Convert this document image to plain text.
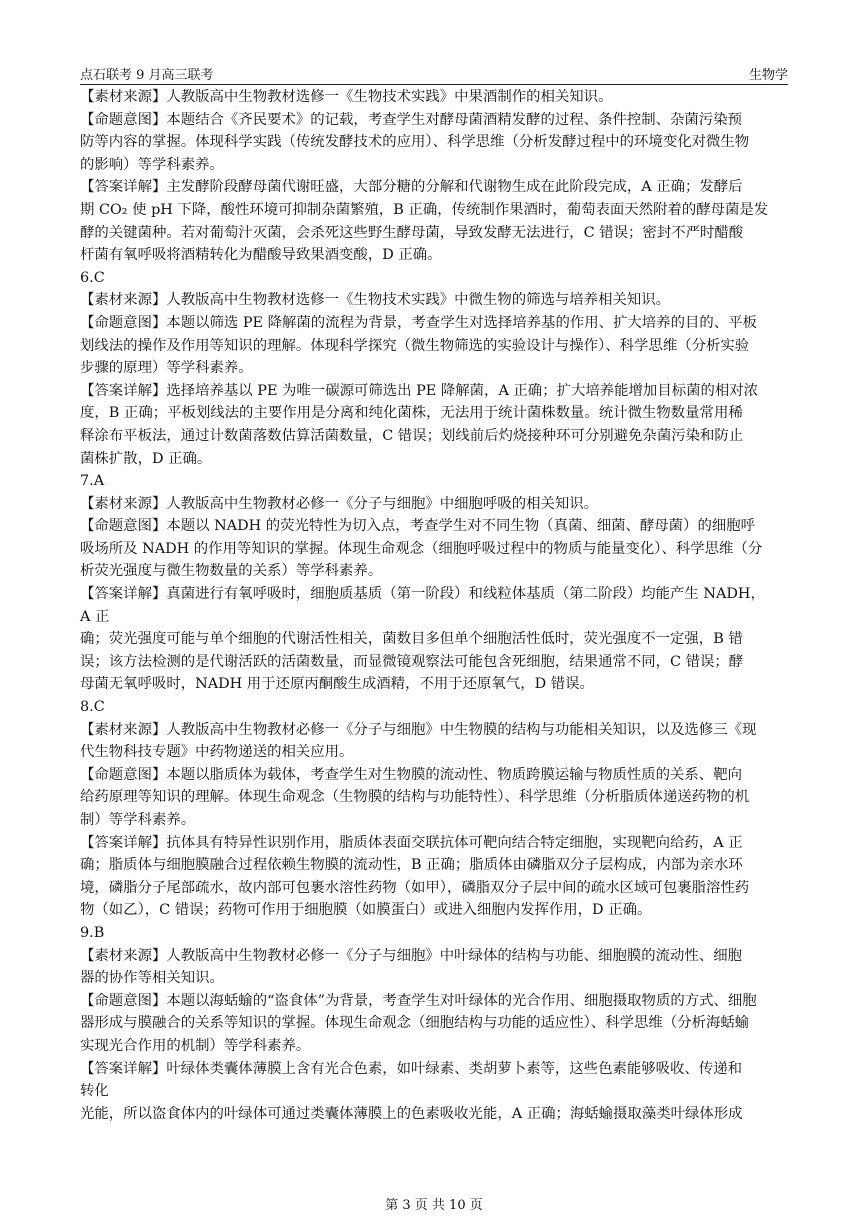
点石联考 9 月高三联考	生物学
【素材来源】人教版高中生物教材选修一《生物技术实践》中果酒制作的相关知识。
【命题意图】本题结合《齐民要术》的记载，考查学生对酵母菌酒精发酵的过程、条件控制、杂菌污染预
防等内容的掌握。体现科学实践（传统发酵技术的应用）、科学思维（分析发酵过程中的环境变化对微生物
的影响）等学科素养。
【答案详解】主发酵阶段酵母菌代谢旺盛，大部分糖的分解和代谢物生成在此阶段完成，A 正确；发酵后
期 CO₂ 使 pH 下降，酸性环境可抑制杂菌繁殖，B 正确，传统制作果酒时，葡萄表面天然附着的酵母菌是发
酵的关键菌种。若对葡萄汁灭菌，会杀死这些野生酵母菌，导致发酵无法进行，C 错误；密封不严时醋酸
杆菌有氧呼吸将酒精转化为醋酸导致果酒变酸，D 正确。
6.C
【素材来源】人教版高中生物教材选修一《生物技术实践》中微生物的筛选与培养相关知识。
【命题意图】本题以筛选 PE 降解菌的流程为背景，考查学生对选择培养基的作用、扩大培养的目的、平板
划线法的操作及作用等知识的理解。体现科学探究（微生物筛选的实验设计与操作）、科学思维（分析实验
步骤的原理）等学科素养。
【答案详解】选择培养基以 PE 为唯一碳源可筛选出 PE 降解菌，A 正确；扩大培养能增加目标菌的相对浓
度，B 正确；平板划线法的主要作用是分离和纯化菌株，无法用于统计菌株数量。统计微生物数量常用稀
释涂布平板法，通过计数菌落数估算活菌数量，C 错误；划线前后灼烧接种环可分别避免杂菌污染和防止
菌株扩散，D 正确。
7.A
【素材来源】人教版高中生物教材必修一《分子与细胞》中细胞呼吸的相关知识。
【命题意图】本题以 NADH 的荧光特性为切入点，考查学生对不同生物（真菌、细菌、酵母菌）的细胞呼
吸场所及 NADH 的作用等知识的掌握。体现生命观念（细胞呼吸过程中的物质与能量变化）、科学思维（分
析荧光强度与微生物数量的关系）等学科素养。
【答案详解】真菌进行有氧呼吸时，细胞质基质（第一阶段）和线粒体基质（第二阶段）均能产生 NADH，
A 正
确；荧光强度可能与单个细胞的代谢活性相关，菌数目多但单个细胞活性低时，荧光强度不一定强，B 错
误；该方法检测的是代谢活跃的活菌数量，而显微镜观察法可能包含死细胞，结果通常不同，C 错误；酵
母菌无氧呼吸时，NADH 用于还原丙酮酸生成酒精，不用于还原氧气，D 错误。
8.C
【素材来源】人教版高中生物教材必修一《分子与细胞》中生物膜的结构与功能相关知识，以及选修三《现
代生物科技专题》中药物递送的相关应用。
【命题意图】本题以脂质体为载体，考查学生对生物膜的流动性、物质跨膜运输与物质性质的关系、靶向
给药原理等知识的理解。体现生命观念（生物膜的结构与功能特性）、科学思维（分析脂质体递送药物的机
制）等学科素养。
【答案详解】抗体具有特异性识别作用，脂质体表面交联抗体可靶向结合特定细胞，实现靶向给药，A 正
确；脂质体与细胞膜融合过程依赖生物膜的流动性，B 正确；脂质体由磷脂双分子层构成，内部为亲水环
境，磷脂分子尾部疏水，故内部可包裹水溶性药物（如甲），磷脂双分子层中间的疏水区域可包裹脂溶性药
物（如乙），C 错误；药物可作用于细胞膜（如膜蛋白）或进入细胞内发挥作用，D 正确。
9.B
【素材来源】人教版高中生物教材必修一《分子与细胞》中叶绿体的结构与功能、细胞膜的流动性、细胞
器的协作等相关知识。
【命题意图】本题以海蛞蝓的“盗食体”为背景，考查学生对叶绿体的光合作用、细胞摄取物质的方式、细胞
器形成与膜融合的关系等知识的掌握。体现生命观念（细胞结构与功能的适应性）、科学思维（分析海蛞蝓
实现光合作用的机制）等学科素养。
【答案详解】叶绿体类囊体薄膜上含有光合色素，如叶绿素、类胡萝卜素等，这些色素能够吸收、传递和
转化
光能，所以盗食体内的叶绿体可通过类囊体薄膜上的色素吸收光能，A 正确；海蛞蝓摄取藻类叶绿体形成
第 3 页 共 10 页
